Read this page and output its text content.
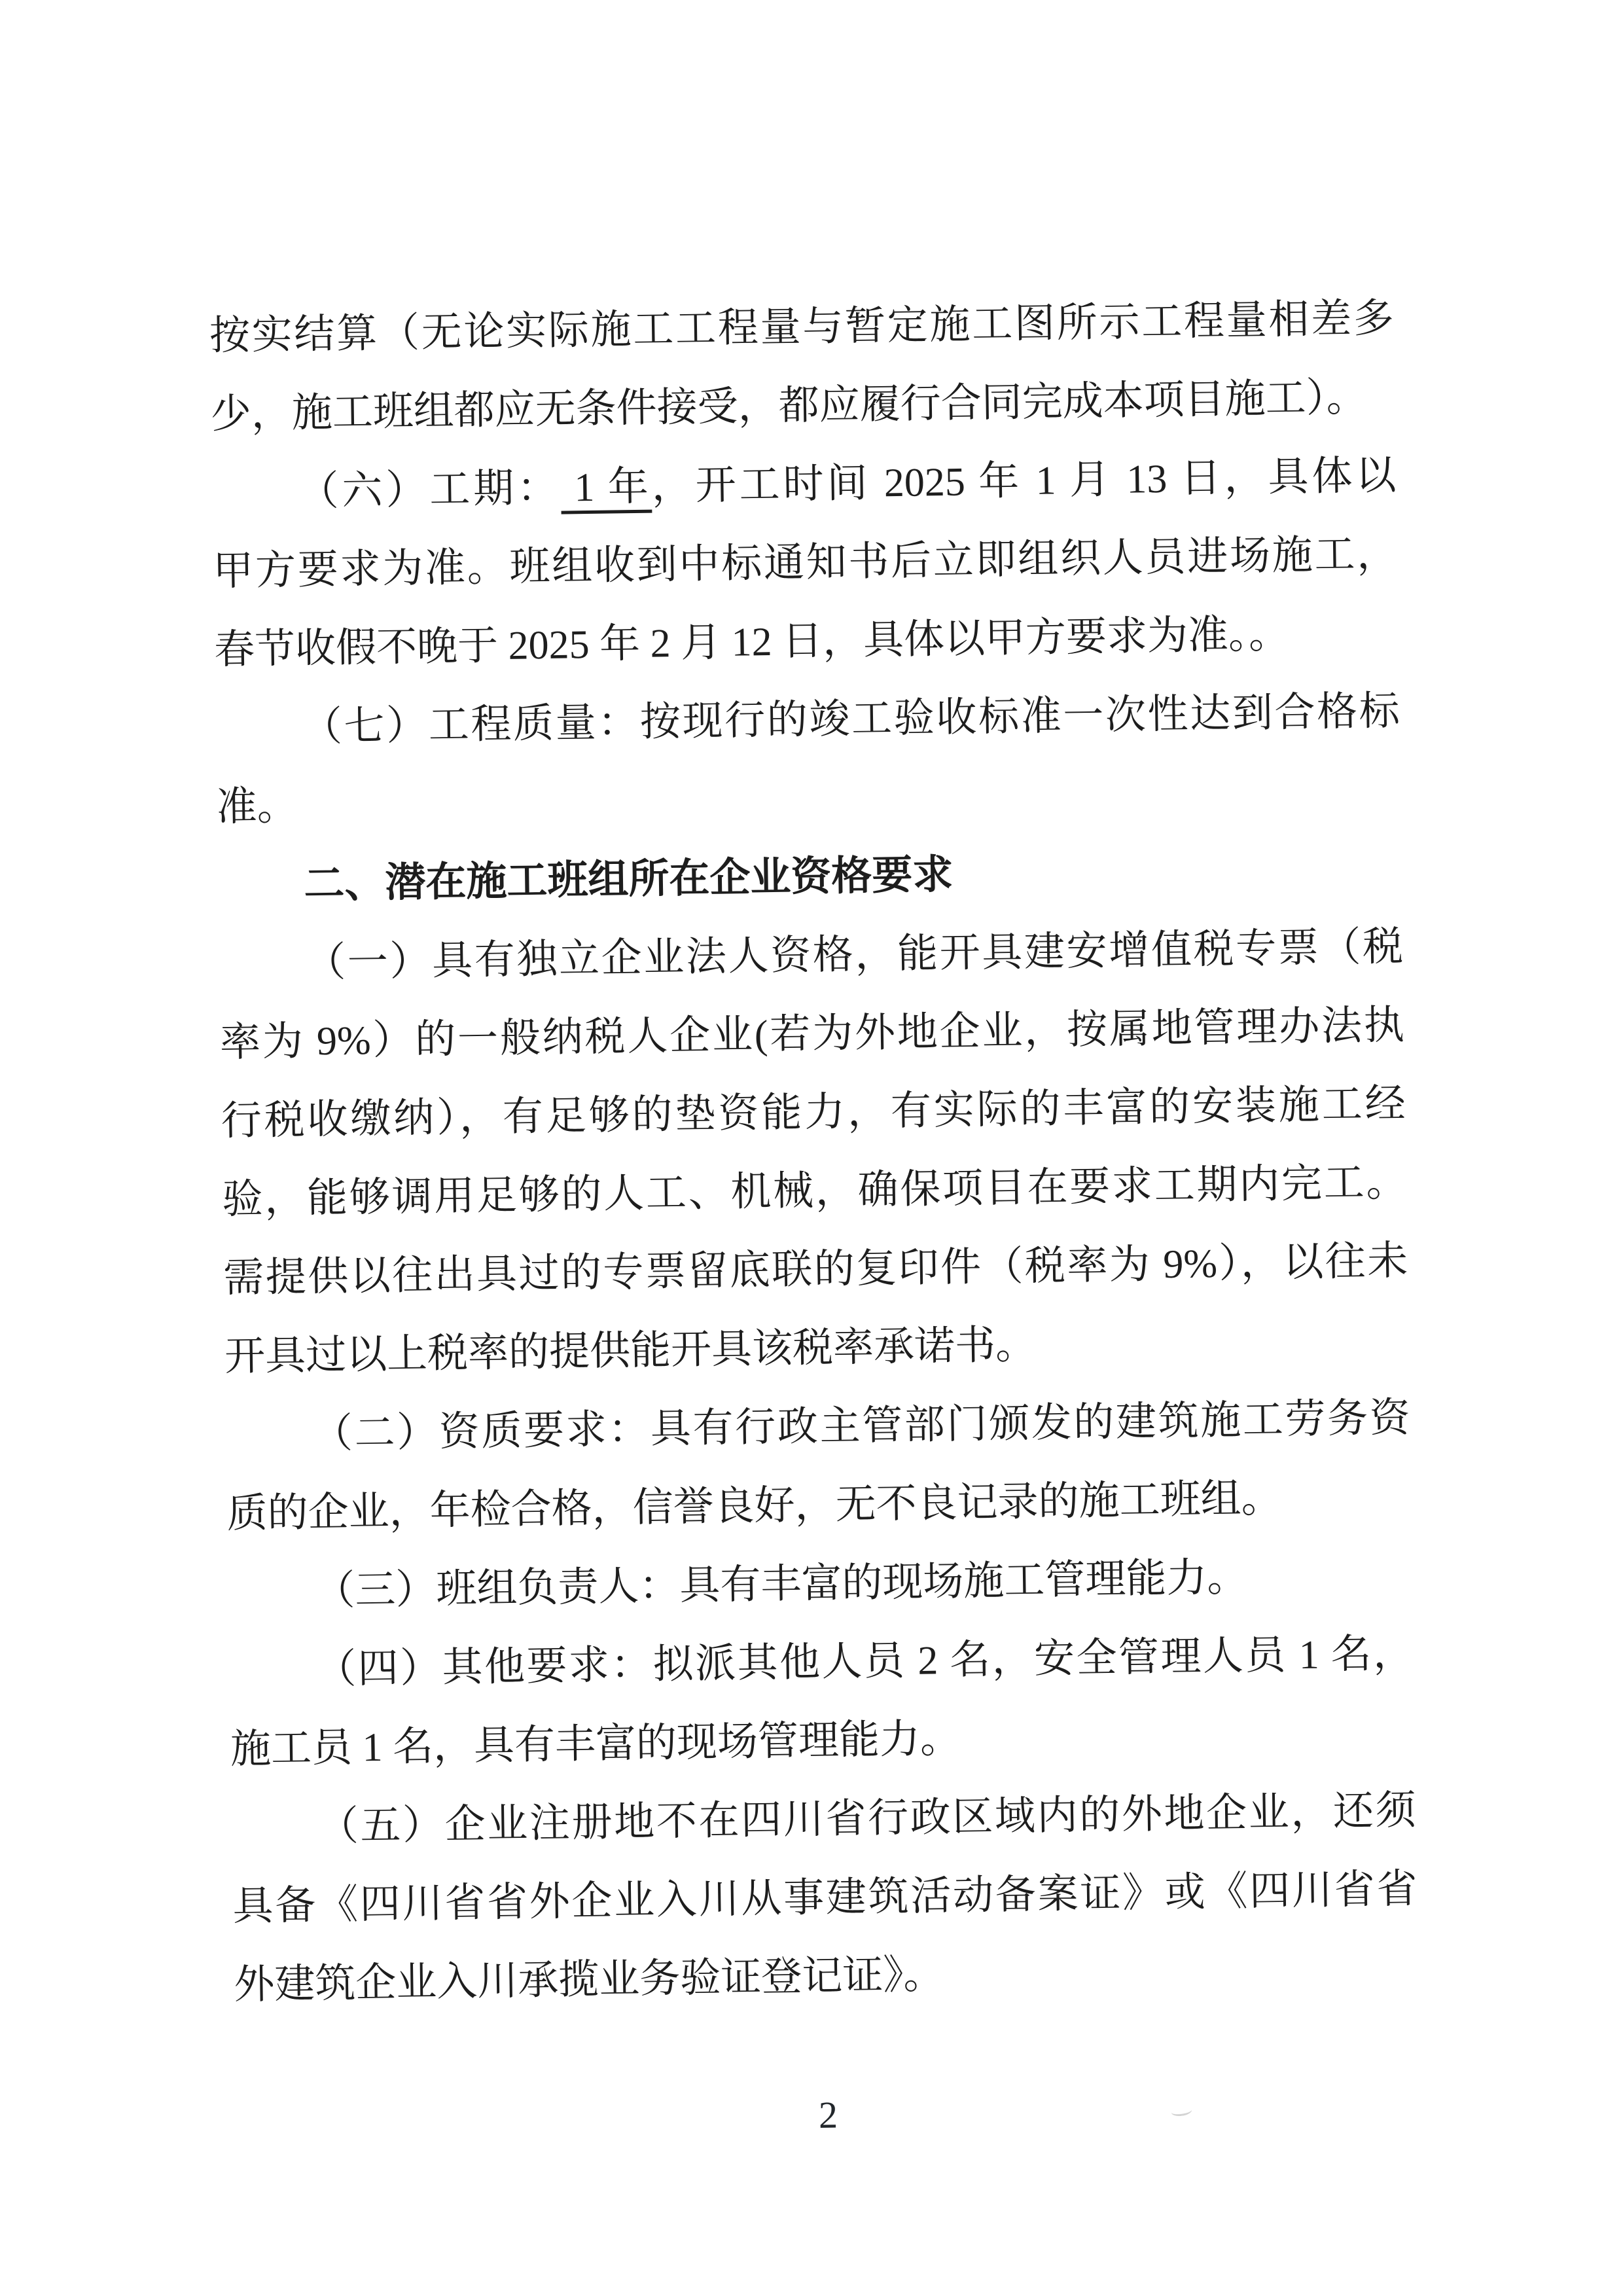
按实结算（无论实际施工工程量与暂定施工图所示工程量相差多
少，施工班组都应无条件接受，都应履行合同完成本项目施工）。
（六）工期： 1 年，开工时间 2025 年 1 月 13 日，具体以
甲方要求为准。班组收到中标通知书后立即组织人员进场施工，
春节收假不晚于 2025 年 2 月 12 日，具体以甲方要求为准。。
（七）工程质量：按现行的竣工验收标准一次性达到合格标
准。
二、潜在施工班组所在企业资格要求
（一）具有独立企业法人资格，能开具建安增值税专票（税
率为 9%）的一般纳税人企业(若为外地企业，按属地管理办法执
行税收缴纳），有足够的垫资能力，有实际的丰富的安装施工经
验，能够调用足够的人工、机械，确保项目在要求工期内完工。
需提供以往出具过的专票留底联的复印件（税率为 9%），以往未
开具过以上税率的提供能开具该税率承诺书。
（二）资质要求：具有行政主管部门颁发的建筑施工劳务资
质的企业，年检合格，信誉良好，无不良记录的施工班组。
（三）班组负责人：具有丰富的现场施工管理能力。
（四）其他要求：拟派其他人员 2 名，安全管理人员 1 名，
施工员 1 名，具有丰富的现场管理能力。
（五）企业注册地不在四川省行政区域内的外地企业，还须
具备《四川省省外企业入川从事建筑活动备案证》或《四川省省
外建筑企业入川承揽业务验证登记证》。
2
